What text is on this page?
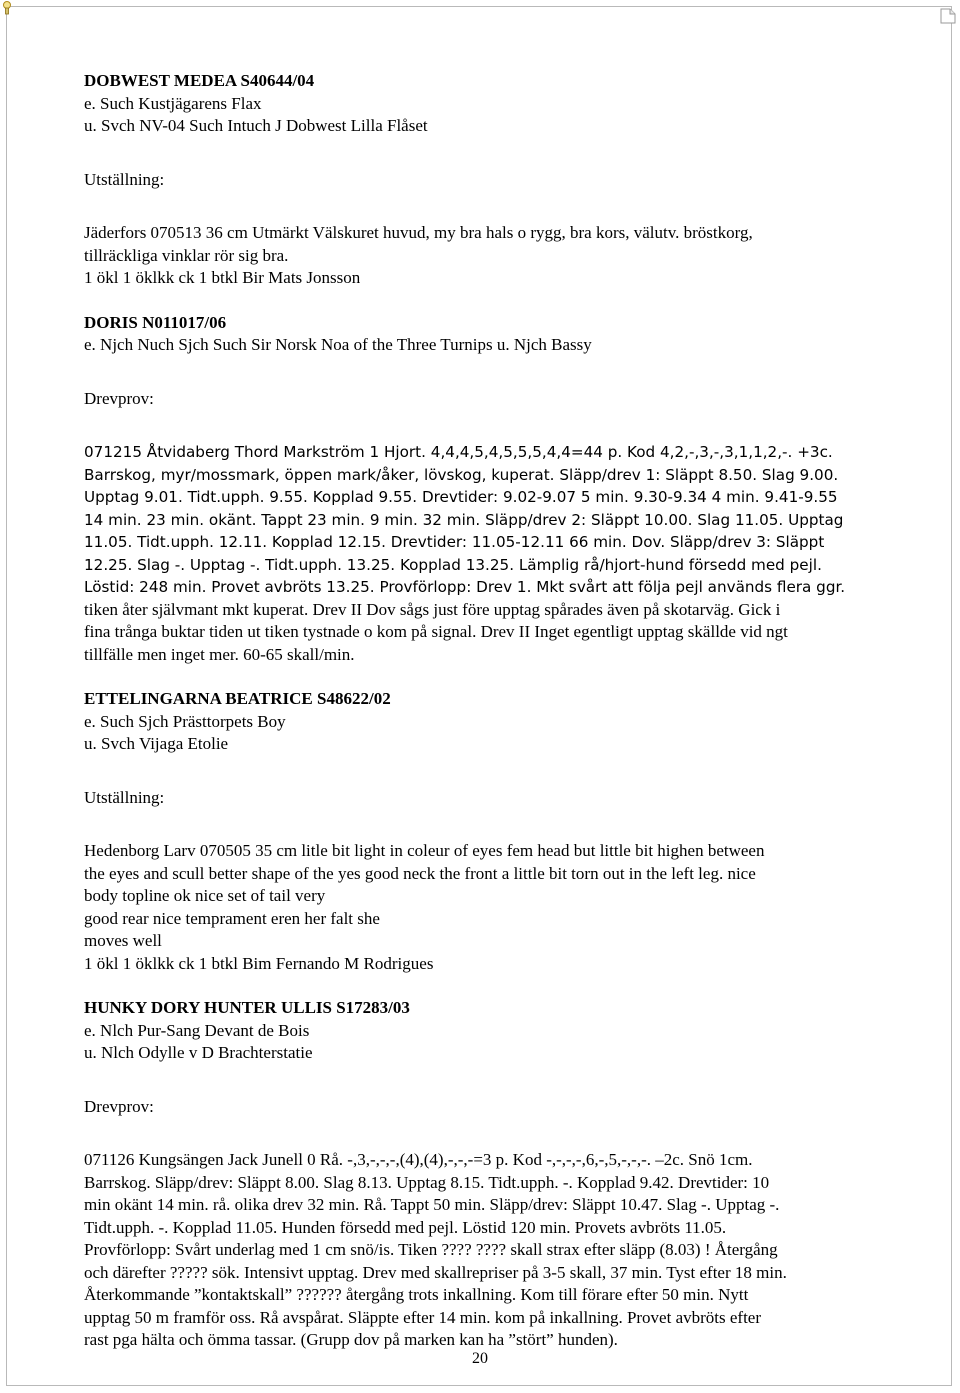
DOBWEST MEDEA S40644/04

e. Such Kustjägarens Flax

u. Svch NV-04 Such Intuch J Dobwest Lilla Flåset

Utställning:

Jäderfors 070513 36 cm Utmärkt Välskuret huvud, my bra hals o rygg, bra kors, välutv. bröstkorg,

tillräckliga vinklar rör sig bra.

1 ökl 1 öklkk ck 1 btkl Bir Mats Jonsson

DORIS N011017/06

e. Njch Nuch Sjch Such Sir Norsk Noa of the Three Turnips u. Njch Bassy

Drevprov:

071215 Åtvidaberg Thord Markström 1 Hjort. 4,4,4,5,4,5,5,5,4,4=44 p. Kod 4,2,-,3,-,3,1,1,2,-. +3c.

Barrskog, myr/mossmark, öppen mark/åker, lövskog, kuperat. Släpp/drev 1: Släppt 8.50. Slag 9.00.

Upptag 9.01. Tidt.upph. 9.55. Kopplad 9.55. Drevtider: 9.02-9.07 5 min. 9.30-9.34 4 min. 9.41-9.55

14 min. 23 min. okänt. Tappt 23 min. 9 min. 32 min. Släpp/drev 2: Släppt 10.00. Slag 11.05. Upptag

11.05. Tidt.upph. 12.11. Kopplad 12.15. Drevtider: 11.05-12.11 66 min. Dov. Släpp/drev 3: Släppt

12.25. Slag -. Upptag -. Tidt.upph. 13.25. Kopplad 13.25. Lämplig rå/hjort-hund försedd med pejl.

Löstid: 248 min. Provet avbröts 13.25. Provförlopp: Drev 1. Mkt svårt att följa pejl används flera ggr.

tiken åter självmant mkt kuperat. Drev II Dov sågs just före upptag spårades även på skotarväg. Gick i

fina trånga buktar tiden ut tiken tystnade o kom på signal. Drev II Inget egentligt upptag skällde vid ngt

tillfälle men inget mer. 60-65 skall/min.

ETTELINGARNA BEATRICE S48622/02

e. Such Sjch Prästtorpets Boy

u. Svch Vijaga Etolie

Utställning:

Hedenborg Larv 070505 35 cm litle bit light in coleur of eyes fem head but little bit highen between

the eyes and scull better shape of the yes good neck the front a little bit torn out in the left leg. nice

body topline ok nice set of tail very

good rear nice temprament eren her falt she

moves well

1 ökl 1 öklkk ck 1 btkl Bim Fernando M Rodrigues

HUNKY DORY HUNTER ULLIS S17283/03

e. Nlch Pur-Sang Devant de Bois

u. Nlch Odylle v D Brachterstatie

Drevprov:

071126 Kungsängen Jack Junell 0 Rå. -,3,-,-,-,(4),(4),-,-,-=3 p. Kod -,-,-,-,6,-,5,-,-,-. –2c. Snö 1cm.

Barrskog. Släpp/drev: Släppt 8.00. Slag 8.13. Upptag 8.15. Tidt.upph. -. Kopplad 9.42. Drevtider: 10

min okänt 14 min. rå. olika drev 32 min. Rå. Tappt 50 min. Släpp/drev: Släppt 10.47. Slag -. Upptag -.

Tidt.upph. -. Kopplad 11.05. Hunden försedd med pejl. Löstid 120 min. Provets avbröts 11.05.

Provförlopp: Svårt underlag med 1 cm snö/is. Tiken ???? ???? skall strax efter släpp (8.03) ! Återgång

och därefter ????? sök. Intensivt upptag. Drev med skallrepriser på 3-5 skall, 37 min. Tyst efter 18 min.

Återkommande ”kontaktskall” ?????? återgång trots inkallning. Kom till förare efter 50 min. Nytt

upptag 50 m framför oss. Rå avspårat. Släppte efter 14 min. kom på inkallning. Provet avbröts efter

rast pga hälta och ömma tassar. (Grupp dov på marken kan ha ”stört” hunden).

20
